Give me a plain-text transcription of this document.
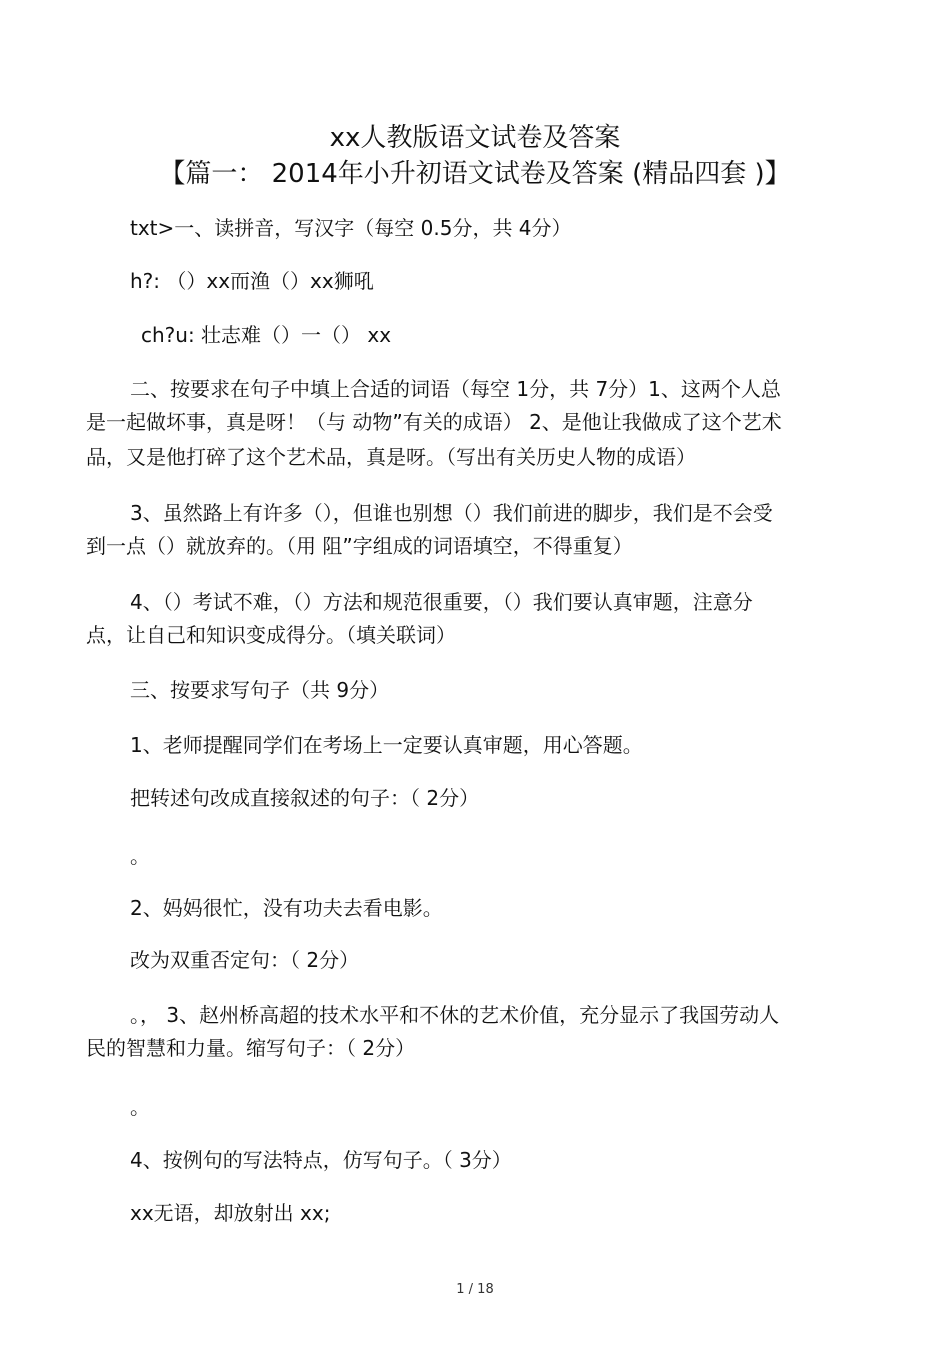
xx人教版语文试卷及答案
【篇一： 2014年小升初语文试卷及答案 (精品四套 )】
txt>一、读拼音，写汉字（每空 0.5分，共 4分）
h?: （）xx而渔（）xx狮吼
ch?u: 壮志难（）一（） xx
二、按要求在句子中填上合适的词语（每空 1分，共 7分）1、这两个人总
是一起做坏事，真是呀！（与 动物”有关的成语） 2、是他让我做成了这个艺术
品，又是他打碎了这个艺术品，真是呀。（写出有关历史人物的成语）
3、虽然路上有许多（），但谁也别想（）我们前进的脚步，我们是不会受
到一点（）就放弃的。（用 阻”字组成的词语填空，不得重复）
4、（）考试不难，（）方法和规范很重要，（）我们要认真审题，注意分
点，让自己和知识变成得分。（填关联词）
三、按要求写句子（共 9分）
1、老师提醒同学们在考场上一定要认真审题，用心答题。
把转述句改成直接叙述的句子：（ 2分）
。
2、妈妈很忙，没有功夫去看电影。
改为双重否定句：（ 2分）
。， 3、赵州桥高超的技术水平和不休的艺术价值，充分显示了我国劳动人
民的智慧和力量。缩写句子：（ 2分）
。
4、按例句的写法特点，仿写句子。（ 3分）
xx无语，却放射出 xx;
1 / 18
